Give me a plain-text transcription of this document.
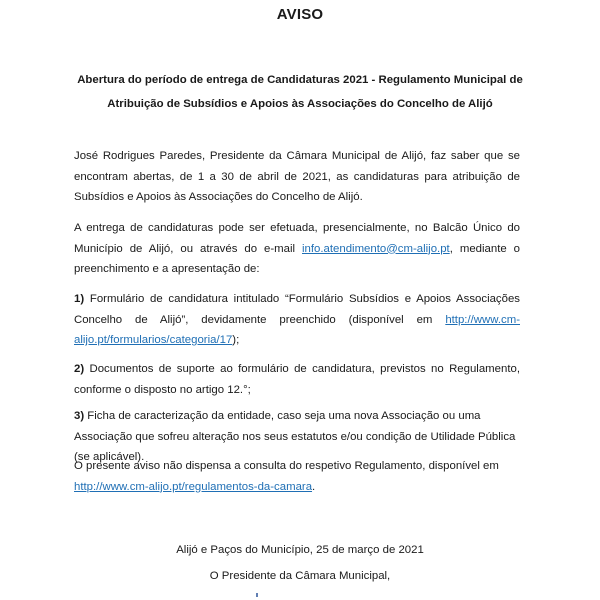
AVISO
Abertura do período de entrega de Candidaturas 2021 - Regulamento Municipal de
Atribuição de Subsídios e Apoios às Associações do Concelho de Alijó
José Rodrigues Paredes, Presidente da Câmara Municipal de Alijó, faz saber que se encontram abertas, de 1 a 30 de abril de 2021, as candidaturas para atribuição de Subsídios e Apoios às Associações do Concelho de Alijó.
A entrega de candidaturas pode ser efetuada, presencialmente, no Balcão Único do Município de Alijó, ou através do e-mail info.atendimento@cm-alijo.pt, mediante o preenchimento e a apresentação de:
1) Formulário de candidatura intitulado “Formulário Subsídios e Apoios Associações Concelho de Alijó”, devidamente preenchido (disponível em http://www.cm-alijo.pt/formularios/categoria/17);
2) Documentos de suporte ao formulário de candidatura, previstos no Regulamento, conforme o disposto no artigo 12.°;
3) Ficha de caracterização da entidade, caso seja uma nova Associação ou uma Associação que sofreu alteração nos seus estatutos e/ou condição de Utilidade Pública (se aplicável).
O presente aviso não dispensa a consulta do respetivo Regulamento, disponível em
http://www.cm-alijo.pt/regulamentos-da-camara.
Alijó e Paços do Município, 25 de março de 2021
O Presidente da Câmara Municipal,
